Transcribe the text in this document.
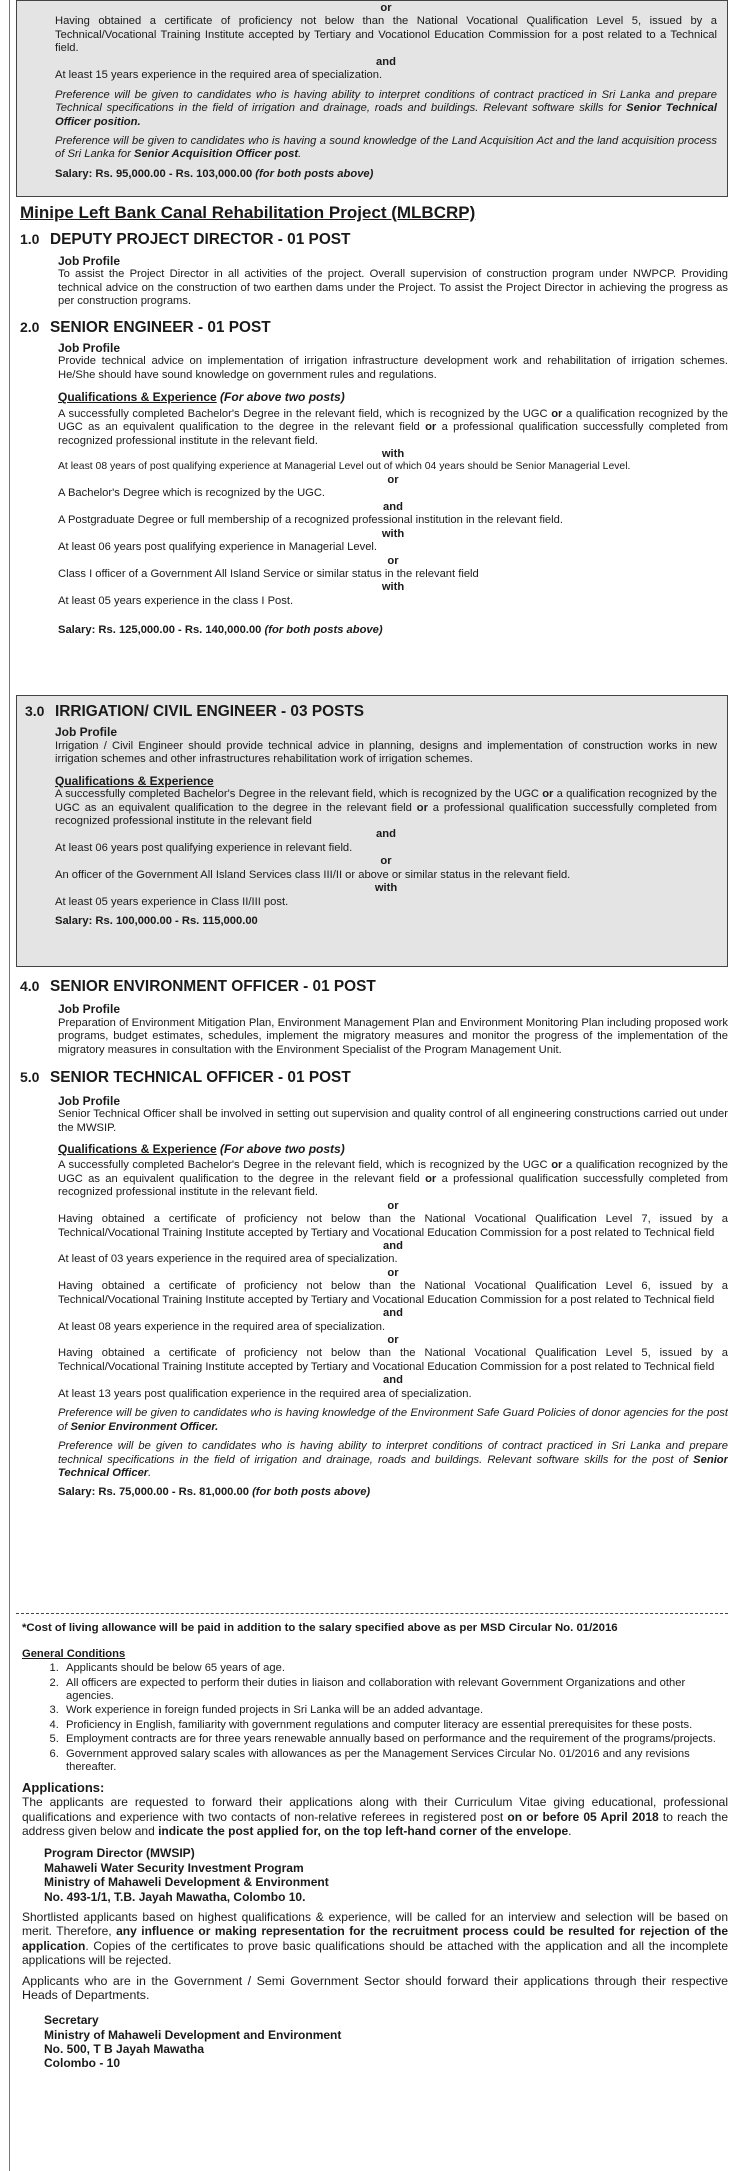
or

Having obtained a certificate of proficiency not below than the National Vocational Qualification Level 5, issued by a Technical/Vocational Training Institute accepted by Tertiary and Vocationol Education Commission for a post related to a Technical field.

and

At least 15 years experience in the required area of specialization.

Preference will be given to candidates who is having ability to interpret conditions of contract practiced in Sri Lanka and prepare Technical specifications in the field of irrigation and drainage, roads and buildings. Relevant software skills for Senior Technical Officer position.

Preference will be given to candidates who is having a sound knowledge of the Land Acquisition Act and the land acquisition process of Sri Lanka for Senior Acquisition Officer post.

Salary: Rs. 95,000.00 - Rs. 103,000.00 (for both posts above)

Minipe Left Bank Canal Rehabilitation Project (MLBCRP)

1.0 DEPUTY PROJECT DIRECTOR - 01 POST

Job Profile

To assist the Project Director in all activities of the project. Overall supervision of construction program under NWPCP. Providing technical advice on the construction of two earthen dams under the Project. To assist the Project Director in achieving the progress as per construction programs.

2.0 SENIOR ENGINEER - 01 POST

Job Profile

Provide technical advice on implementation of irrigation infrastructure development work and rehabilitation of irrigation schemes. He/She should have sound knowledge on government rules and regulations.

Qualifications & Experience (For above two posts)

A successfully completed Bachelor's Degree in the relevant field, which is recognized by the UGC or a qualification recognized by the UGC as an equivalent qualification to the degree in the relevant field or a professional qualification successfully completed from recognized professional institute in the relevant field.

with

At least 08 years of post qualifying experience at Managerial Level out of which 04 years should be Senior Managerial Level.

or

A Bachelor's Degree which is recognized by the UGC.

and

A Postgraduate Degree or full membership of a recognized professional institution in the relevant field.

with

At least 06 years post qualifying experience in Managerial Level.

or

Class I officer of a Government All Island Service or similar status in the relevant field

with

At least 05 years experience in the class I Post.

Salary: Rs. 125,000.00 - Rs. 140,000.00 (for both posts above)

3.0 IRRIGATION/ CIVIL ENGINEER - 03 POSTS

Job Profile

Irrigation / Civil Engineer should provide technical advice in planning, designs and implementation of construction works in new irrigation schemes and other infrastructures rehabilitation work of irrigation schemes.

Qualifications & Experience

A successfully completed Bachelor's Degree in the relevant field, which is recognized by the UGC or a qualification recognized by the UGC as an equivalent qualification to the degree in the relevant field or a professional qualification successfully completed from recognized professional institute in the relevant field

and

At least 06 years post qualifying experience in relevant field.

or

An officer of the Government All Island Services class III/II or above or similar status in the relevant field.

with

At least 05 years experience in Class II/III post.

Salary: Rs. 100,000.00 - Rs. 115,000.00

4.0 SENIOR ENVIRONMENT OFFICER - 01 POST

Job Profile

Preparation of Environment Mitigation Plan, Environment Management Plan and Environment Monitoring Plan including proposed work programs, budget estimates, schedules, implement the migratory measures and monitor the progress of the implementation of the migratory measures in consultation with the Environment Specialist of the Program Management Unit.

5.0 SENIOR TECHNICAL OFFICER - 01 POST

Job Profile

Senior Technical Officer shall be involved in setting out supervision and quality control of all engineering constructions carried out under the MWSIP.

Qualifications & Experience (For above two posts)

A successfully completed Bachelor's Degree in the relevant field, which is recognized by the UGC or a qualification recognized by the UGC as an equivalent qualification to the degree in the relevant field or a professional qualification successfully completed from recognized professional institute in the relevant field.

or

Having obtained a certificate of proficiency not below than the National Vocational Qualification Level 7, issued by a Technical/Vocational Training Institute accepted by Tertiary and Vocational Education Commission for a post related to Technical field

and

At least of 03 years experience in the required area of specialization.

or

Having obtained a certificate of proficiency not below than the National Vocational Qualification Level 6, issued by a Technical/Vocational Training Institute accepted by Tertiary and Vocational Education Commission for a post related to Technical field

and

At least 08 years experience in the required area of specialization.

or

Having obtained a certificate of proficiency not below than the National Vocational Qualification Level 5, issued by a Technical/Vocational Training Institute accepted by Tertiary and Vocational Education Commission for a post related to Technical field

and

At least 13 years post qualification experience in the required area of specialization.

Preference will be given to candidates who is having knowledge of the Environment Safe Guard Policies of donor agencies for the post of Senior Environment Officer.

Preference will be given to candidates who is having ability to interpret conditions of contract practiced in Sri Lanka and prepare technical specifications in the field of irrigation and drainage, roads and buildings. Relevant software skills for the post of Senior Technical Officer.

Salary: Rs. 75,000.00 - Rs. 81,000.00 (for both posts above)

*Cost of living allowance will be paid in addition to the salary specified above as per MSD Circular No. 01/2016

General Conditions

1. Applicants should be below 65 years of age.
2. All officers are expected to perform their duties in liaison and collaboration with relevant Government Organizations and other agencies.
3. Work experience in foreign funded projects in Sri Lanka will be an added advantage.
4. Proficiency in English, familiarity with government regulations and computer literacy are essential prerequisites for these posts.
5. Employment contracts are for three years renewable annually based on performance and the requirement of the programs/projects.
6. Government approved salary scales with allowances as per the Management Services Circular No. 01/2016 and any revisions thereafter.

Applications:

The applicants are requested to forward their applications along with their Curriculum Vitae giving educational, professional qualifications and experience with two contacts of non-relative referees in registered post on or before 05 April 2018 to reach the address given below and indicate the post applied for, on the top left-hand corner of the envelope.

Program Director (MWSIP)

Mahaweli Water Security Investment Program

Ministry of Mahaweli Development & Environment

No. 493-1/1, T.B. Jayah Mawatha, Colombo 10.

Shortlisted applicants based on highest qualifications & experience, will be called for an interview and selection will be based on merit. Therefore, any influence or making representation for the recruitment process could be resulted for rejection of the application. Copies of the certificates to prove basic qualifications should be attached with the application and all the incomplete applications will be rejected.

Applicants who are in the Government / Semi Government Sector should forward their applications through their respective Heads of Departments.

Secretary

Ministry of Mahaweli Development and Environment

No. 500, T B Jayah Mawatha

Colombo - 10
